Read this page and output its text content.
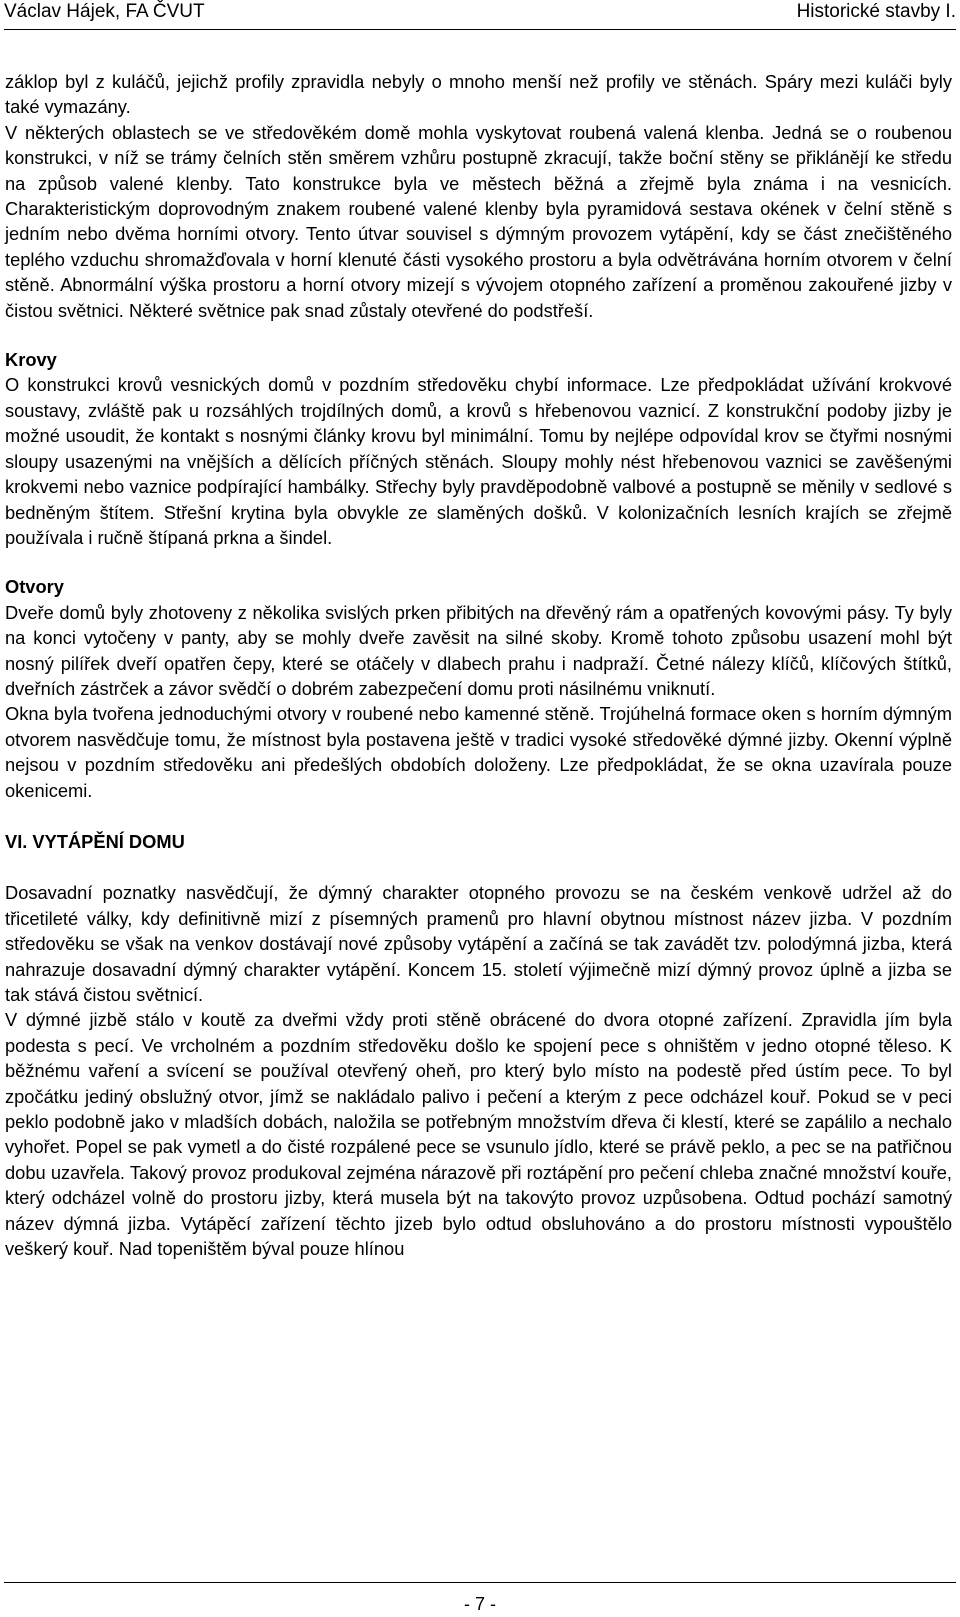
Václav Hájek, FA ČVUT	Historické stavby I.

záklop byl z kuláčů, jejichž profily zpravidla nebyly o mnoho menší než profily ve stěnách. Spáry mezi kuláči byly také vymazány.

V některých oblastech se ve středověkém domě mohla vyskytovat roubená valená klenba. Jedná se o roubenou konstrukci, v níž se trámy čelních stěn směrem vzhůru postupně zkracují, takže boční stěny se přiklánějí ke středu na způsob valené klenby. Tato konstrukce byla ve městech běžná a zřejmě byla známa i na vesnicích. Charakteristickým doprovodným znakem roubené valené klenby byla pyramidová sestava okének v čelní stěně s jedním nebo dvěma horními otvory. Tento útvar souvisel s dýmným provozem vytápění, kdy se část znečištěného teplého vzduchu shromažďovala v horní klenuté části vysokého prostoru a byla odvětrávána horním otvorem v čelní stěně. Abnormální výška prostoru a horní otvory mizejí s vývojem otopného zařízení a proměnou zakouřené jizby v čistou světnici. Některé světnice pak snad zůstaly otevřené do podstřeší.

Krovy

O konstrukci krovů vesnických domů v pozdním středověku chybí informace. Lze předpokládat užívání krokvové soustavy, zvláště pak u rozsáhlých trojdílných domů, a krovů s hřebenovou vaznicí. Z konstrukční podoby jizby je možné usoudit, že kontakt s nosnými články krovu byl minimální. Tomu by nejlépe odpovídal krov se čtyřmi nosnými sloupy usazenými na vnějších a dělících příčných stěnách. Sloupy mohly nést hřebenovou vaznici se zavěšenými krokvemi nebo vaznice podpírající hambálky. Střechy byly pravděpodobně valbové a postupně se měnily v sedlové s bedněným štítem. Střešní krytina byla obvykle ze slaměných došků. V kolonizačních lesních krajích se zřejmě používala i ručně štípaná prkna a šindel.

Otvory

Dveře domů byly zhotoveny z několika svislých prken přibitých na dřevěný rám a opatřených kovovými pásy. Ty byly na konci vytočeny v panty, aby se mohly dveře zavěsit na silné skoby. Kromě tohoto způsobu usazení mohl být nosný pilířek dveří opatřen čepy, které se otáčely v dlabech prahu i nadpraží. Četné nálezy klíčů, klíčových štítků, dveřních zástrček a závor svědčí o dobrém zabezpečení domu proti násilnému vniknutí.

Okna byla tvořena jednoduchými otvory v roubené nebo kamenné stěně. Trojúhelná formace oken s horním dýmným otvorem nasvědčuje tomu, že místnost byla postavena ještě v tradici vysoké středověké dýmné jizby. Okenní výplně nejsou v pozdním středověku ani předešlých obdobích doloženy. Lze předpokládat, že se okna uzavírala pouze okenicemi.

VI. VYTÁPĚNÍ DOMU

Dosavadní poznatky nasvědčují, že dýmný charakter otopného provozu se na českém venkově udržel až do třicetileté války, kdy definitivně mizí z písemných pramenů pro hlavní obytnou místnost název jizba. V pozdním středověku se však na venkov dostávají nové způsoby vytápění a začíná se tak zavádět tzv. polodýmná jizba, která nahrazuje dosavadní dýmný charakter vytápění. Koncem 15. století výjimečně mizí dýmný provoz úplně a jizba se tak stává čistou světnicí.

V dýmné jizbě stálo v koutě za dveřmi vždy proti stěně obrácené do dvora otopné zařízení. Zpravidla jím byla podesta s pecí. Ve vrcholném a pozdním středověku došlo ke spojení pece s ohništěm v jedno otopné těleso. K běžnému vaření a svícení se používal otevřený oheň, pro který bylo místo na podestě před ústím pece. To byl zpočátku jediný obslužný otvor, jímž se nakládalo palivo i pečení a kterým z pece odcházel kouř. Pokud se v peci peklo podobně jako v mladších dobách, naložila se potřebným množstvím dřeva či klestí, které se zapálilo a nechalo vyhořet. Popel se pak vymetl a do čisté rozpálené pece se vsunulo jídlo, které se právě peklo, a pec se na patřičnou dobu uzavřela. Takový provoz produkoval zejména nárazově při roztápění pro pečení chleba značné množství kouře, který odcházel volně do prostoru jizby, která musela být na takovýto provoz uzpůsobena. Odtud pochází samotný název dýmná jizba. Vytápěcí zařízení těchto jizeb bylo odtud obsluhováno a do prostoru místnosti vypouštělo veškerý kouř. Nad topeništěm býval pouze hlínou

- 7 -
